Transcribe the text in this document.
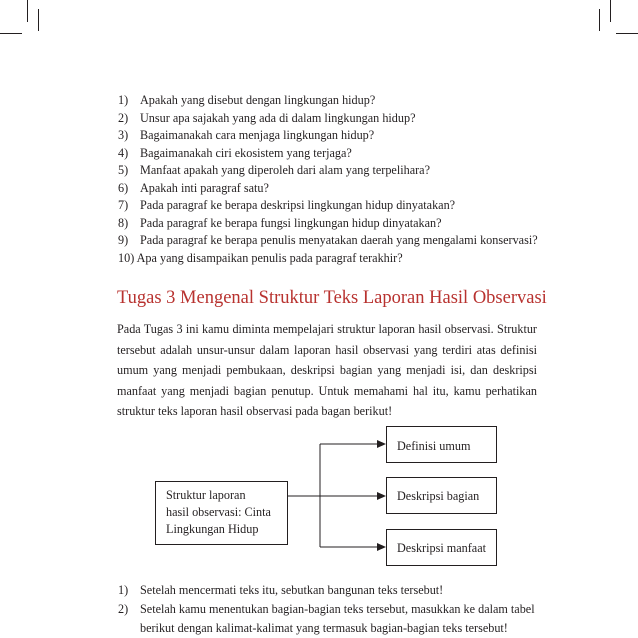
1) Apakah yang disebut dengan lingkungan hidup?
2) Unsur apa sajakah yang ada di dalam lingkungan hidup?
3) Bagaimanakah cara menjaga lingkungan hidup?
4) Bagaimanakah ciri ekosistem yang terjaga?
5) Manfaat apakah yang diperoleh dari alam yang terpelihara?
6) Apakah inti paragraf satu?
7) Pada paragraf ke berapa deskripsi lingkungan hidup dinyatakan?
8) Pada paragraf ke berapa fungsi lingkungan hidup dinyatakan?
9) Pada paragraf ke berapa penulis menyatakan daerah yang mengalami konservasi?
10) Apa yang disampaikan penulis pada paragraf terakhir?
Tugas 3 Mengenal Struktur Teks Laporan Hasil Observasi

Pada Tugas 3 ini kamu diminta mempelajari struktur laporan hasil observasi. Struktur tersebut adalah unsur-unsur dalam laporan hasil observasi yang terdiri atas definisi umum yang menjadi pembukaan, deskripsi bagian yang menjadi isi, dan deskripsi manfaat yang menjadi bagian penutup. Untuk memahami hal itu, kamu perhatikan struktur teks laporan hasil observasi pada bagan berikut!

Struktur laporan
hasil observasi: Cinta
Lingkungan Hidup
Definisi umum
Deskripsi bagian
Deskripsi manfaat
1) Setelah mencermati teks itu, sebutkan bangunan teks tersebut!
2) Setelah kamu menentukan bagian-bagian teks tersebut, masukkan ke dalam tabel
berikut dengan kalimat-kalimat yang termasuk bagian-bagian teks tersebut!
